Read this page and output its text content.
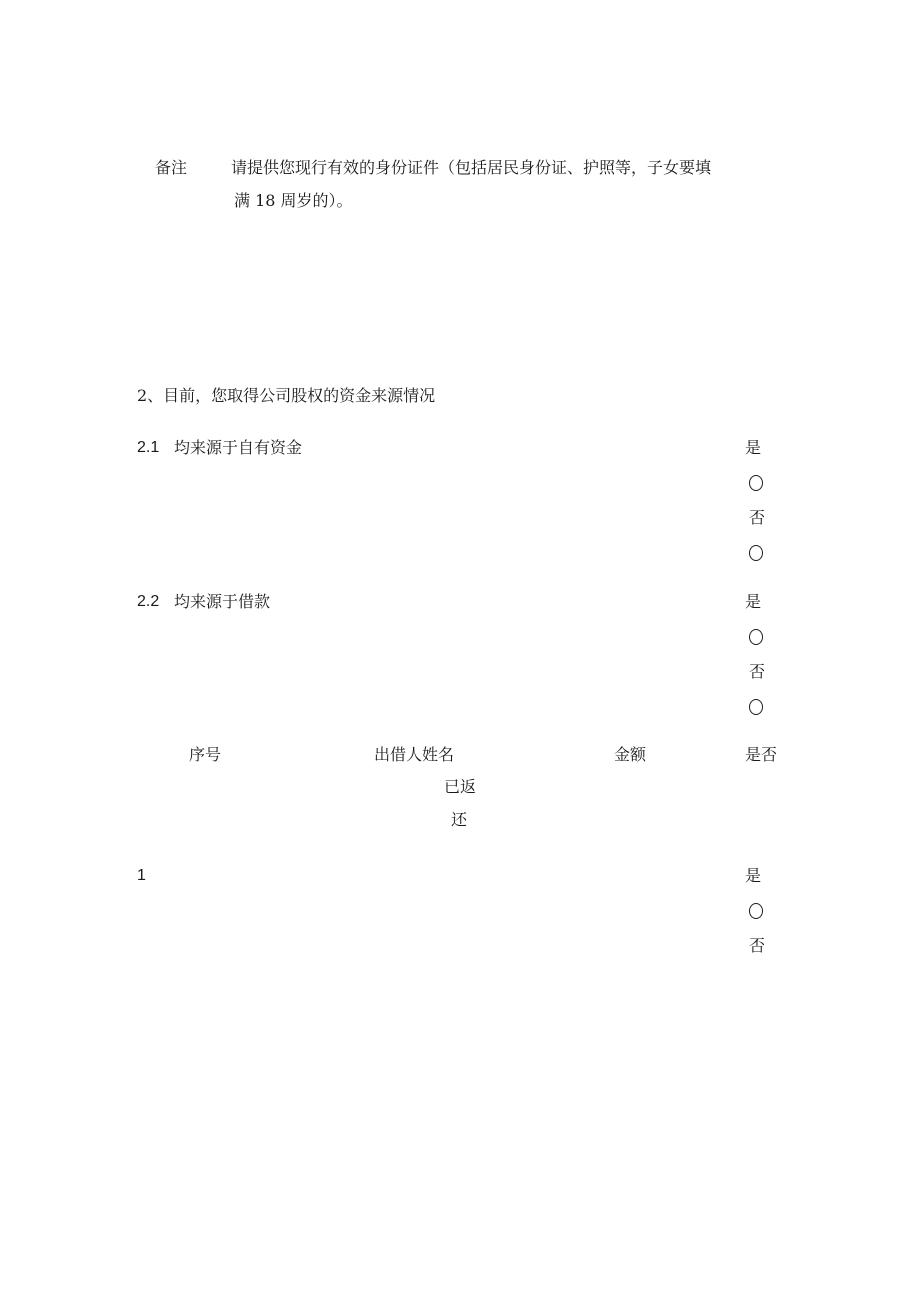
备注	请提供您现行有效的身份证件（包括居民身份证、护照等，子女要填
满 18 周岁的）。
2、目前，您取得公司股权的资金来源情况
2.1 均来源于自有资金	是
否
2.2 均来源于借款	是
否
序号	出借人姓名	金额	是否
已返
还
1	是
否
